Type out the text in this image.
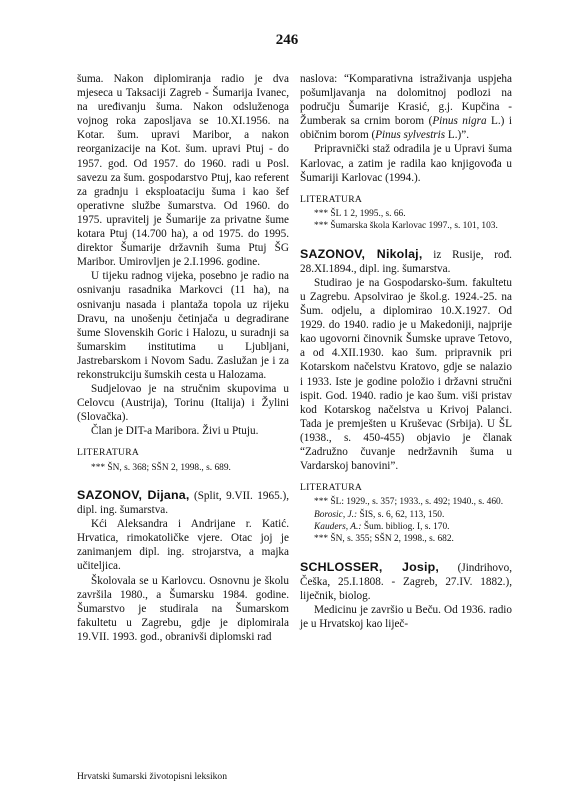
246

šuma. Nakon diplomiranja radio je dva mjeseca u Taksaciji Zagreb - Šumarija Ivanec, na uređivanju šuma. Nakon odsluženoga vojnog roka zaposljava se 10.XI.1956. na Kotar. šum. upravi Maribor, a nakon reorganizacije na Kot. šum. upravi Ptuj - do 1957. god. Od 1957. do 1960. radi u Posl. savezu za šum. gospodarstvo Ptuj, kao referent za gradnju i eksploataciju šuma i kao šef operativne službe šumarstva. Od 1960. do 1975. upravitelj je Šumarije za privatne šume kotara Ptuj (14.700 ha), a od 1975. do 1995. direktor Šumarije državnih šuma Ptuj ŠG Maribor. Umirovljen je 2.I.1996. godine.

U tijeku radnog vijeka, posebno je radio na osnivanju rasadnika Markovci (11 ha), na osnivanju nasada i plantaža topola uz rijeku Dravu, na unošenju četinjača u degradirane šume Slovenskih Goric i Halozu, u suradnji sa šumarskim institutima u Ljubljani, Jastrebarskom i Novom Sadu. Zaslužan je i za rekonstrukciju šumskih cesta u Halozama.

Sudjelovao je na stručnim skupovima u Celovcu (Austrija), Torinu (Italija) i Žylini (Slovačka).

Član je DIT-a Maribora. Živi u Ptuju.

LITERATURA
*** ŠN, s. 368; SŠN 2, 1998., s. 689.

SAZONOV, Dijana, (Split, 9.VII. 1965.), dipl. ing. šumarstva.

Kći Aleksandra i Andrijane r. Katić. Hrvatica, rimokatoličke vjere. Otac joj je zanimanjem dipl. ing. strojarstva, a majka učiteljica.

Školovala se u Karlovcu. Osnovnu je školu završila 1980., a Šumarsku 1984. godine. Šumarstvo je studirala na Šumarskom fakultetu u Zagrebu, gdje je diplomirala 19.VII. 1993. god., obranivši diplomski rad

naslova: “Komparativna istraživanja uspjeha pošumljavanja na dolomitnoj podlozi na području Šumarije Krasić, g.j. Kupčina - Žumberak sa crnim borom (Pinus nigra L.) i običnim borom (Pinus sylvestris L.)”.

Pripravnički staž odradila je u Upravi šuma Karlovac, a zatim je radila kao knjigovođa u Šumariji Karlovac (1994.).

LITERATURA
*** ŠL 1 2, 1995., s. 66.
*** Šumarska škola Karlovac 1997., s. 101, 103.

SAZONOV, Nikolaj, iz Rusije, rođ. 28.XI.1894., dipl. ing. šumarstva.

Studirao je na Gospodarsko-šum. fakultetu u Zagrebu. Apsolvirao je škol.g. 1924.-25. na Šum. odjelu, a diplomirao 10.X.1927. Od 1929. do 1940. radio je u Makedoniji, najprije kao ugovorni činovnik Šumske uprave Tetovo, a od 4.XII.1930. kao šum. pripravnik pri Kotarskom načelstvu Kratovo, gdje se nalazio i 1933. Iste je godine položio i državni stručni ispit. God. 1940. radio je kao šum. viši pristav kod Kotarskog načelstva u Krivoj Palanci. Tada je premješten u Kruševac (Srbija). U ŠL (1938., s. 450-455) objavio je članak “Zadružno čuvanje nedržavnih šuma u Vardarskoj banovini”.

LITERATURA
*** ŠL: 1929., s. 357; 1933., s. 492; 1940., s. 460.
Borosic, J.: ŠIS, s. 6, 62, 113, 150.
Kauders, A.: Šum. bibliog. I, s. 170.
*** ŠN, s. 355; SŠN 2, 1998., s. 682.

SCHLOSSER, Josip, (Jindrihovo, Češka, 25.I.1808. - Zagreb, 27.IV. 1882.), liječnik, biolog.

Medicinu je završio u Beču. Od 1936. radio je u Hrvatskoj kao liječ-

Hrvatski šumarski životopisni leksikon
